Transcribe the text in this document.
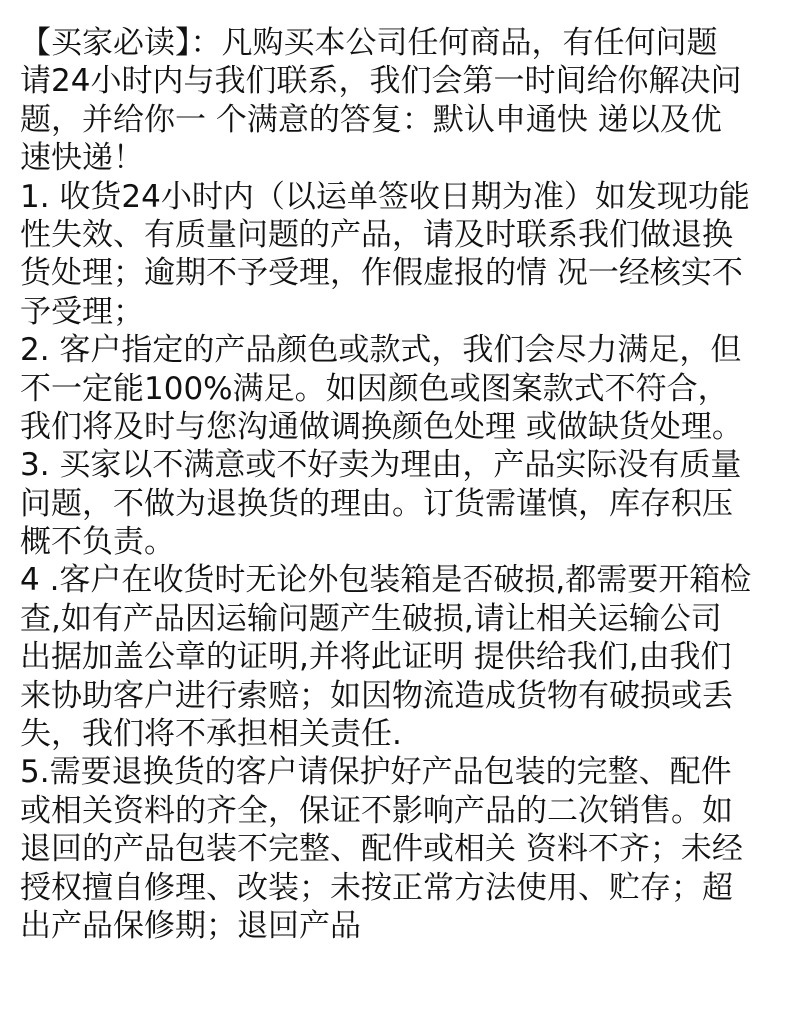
【买家必读】：凡购买本公司任何商品，有任何问题
请24小时内与我们联系，我们会第一时间给你解决问
题，并给你一 个满意的答复：默认申通快 递以及优
速快递！
1. 收货24小时内（以运单签收日期为准）如发现功能
性失效、有质量问题的产品，请及时联系我们做退换
货处理；逾期不予受理，作假虚报的情 况一经核实不
予受理；
2. 客户指定的产品颜色或款式，我们会尽力满足，但
不一定能100%满足。如因颜色或图案款式不符合，
我们将及时与您沟通做调换颜色处理 或做缺货处理。
3. 买家以不满意或不好卖为理由，产品实际没有质量
问题，不做为退换货的理由。订货需谨慎，库存积压
概不负责。
4 .客户在收货时无论外包装箱是否破损,都需要开箱检
查,如有产品因运输问题产生破损,请让相关运输公司
出据加盖公章的证明,并将此证明 提供给我们,由我们
来协助客户进行索赔；如因物流造成货物有破损或丢
失，我们将不承担相关责任.
5.需要退换货的客户请保护好产品包装的完整、配件
或相关资料的齐全，保证不影响产品的二次销售。如
退回的产品包装不完整、配件或相关 资料不齐；未经
授权擅自修理、改装；未按正常方法使用、贮存；超
出产品保修期；退回产品
